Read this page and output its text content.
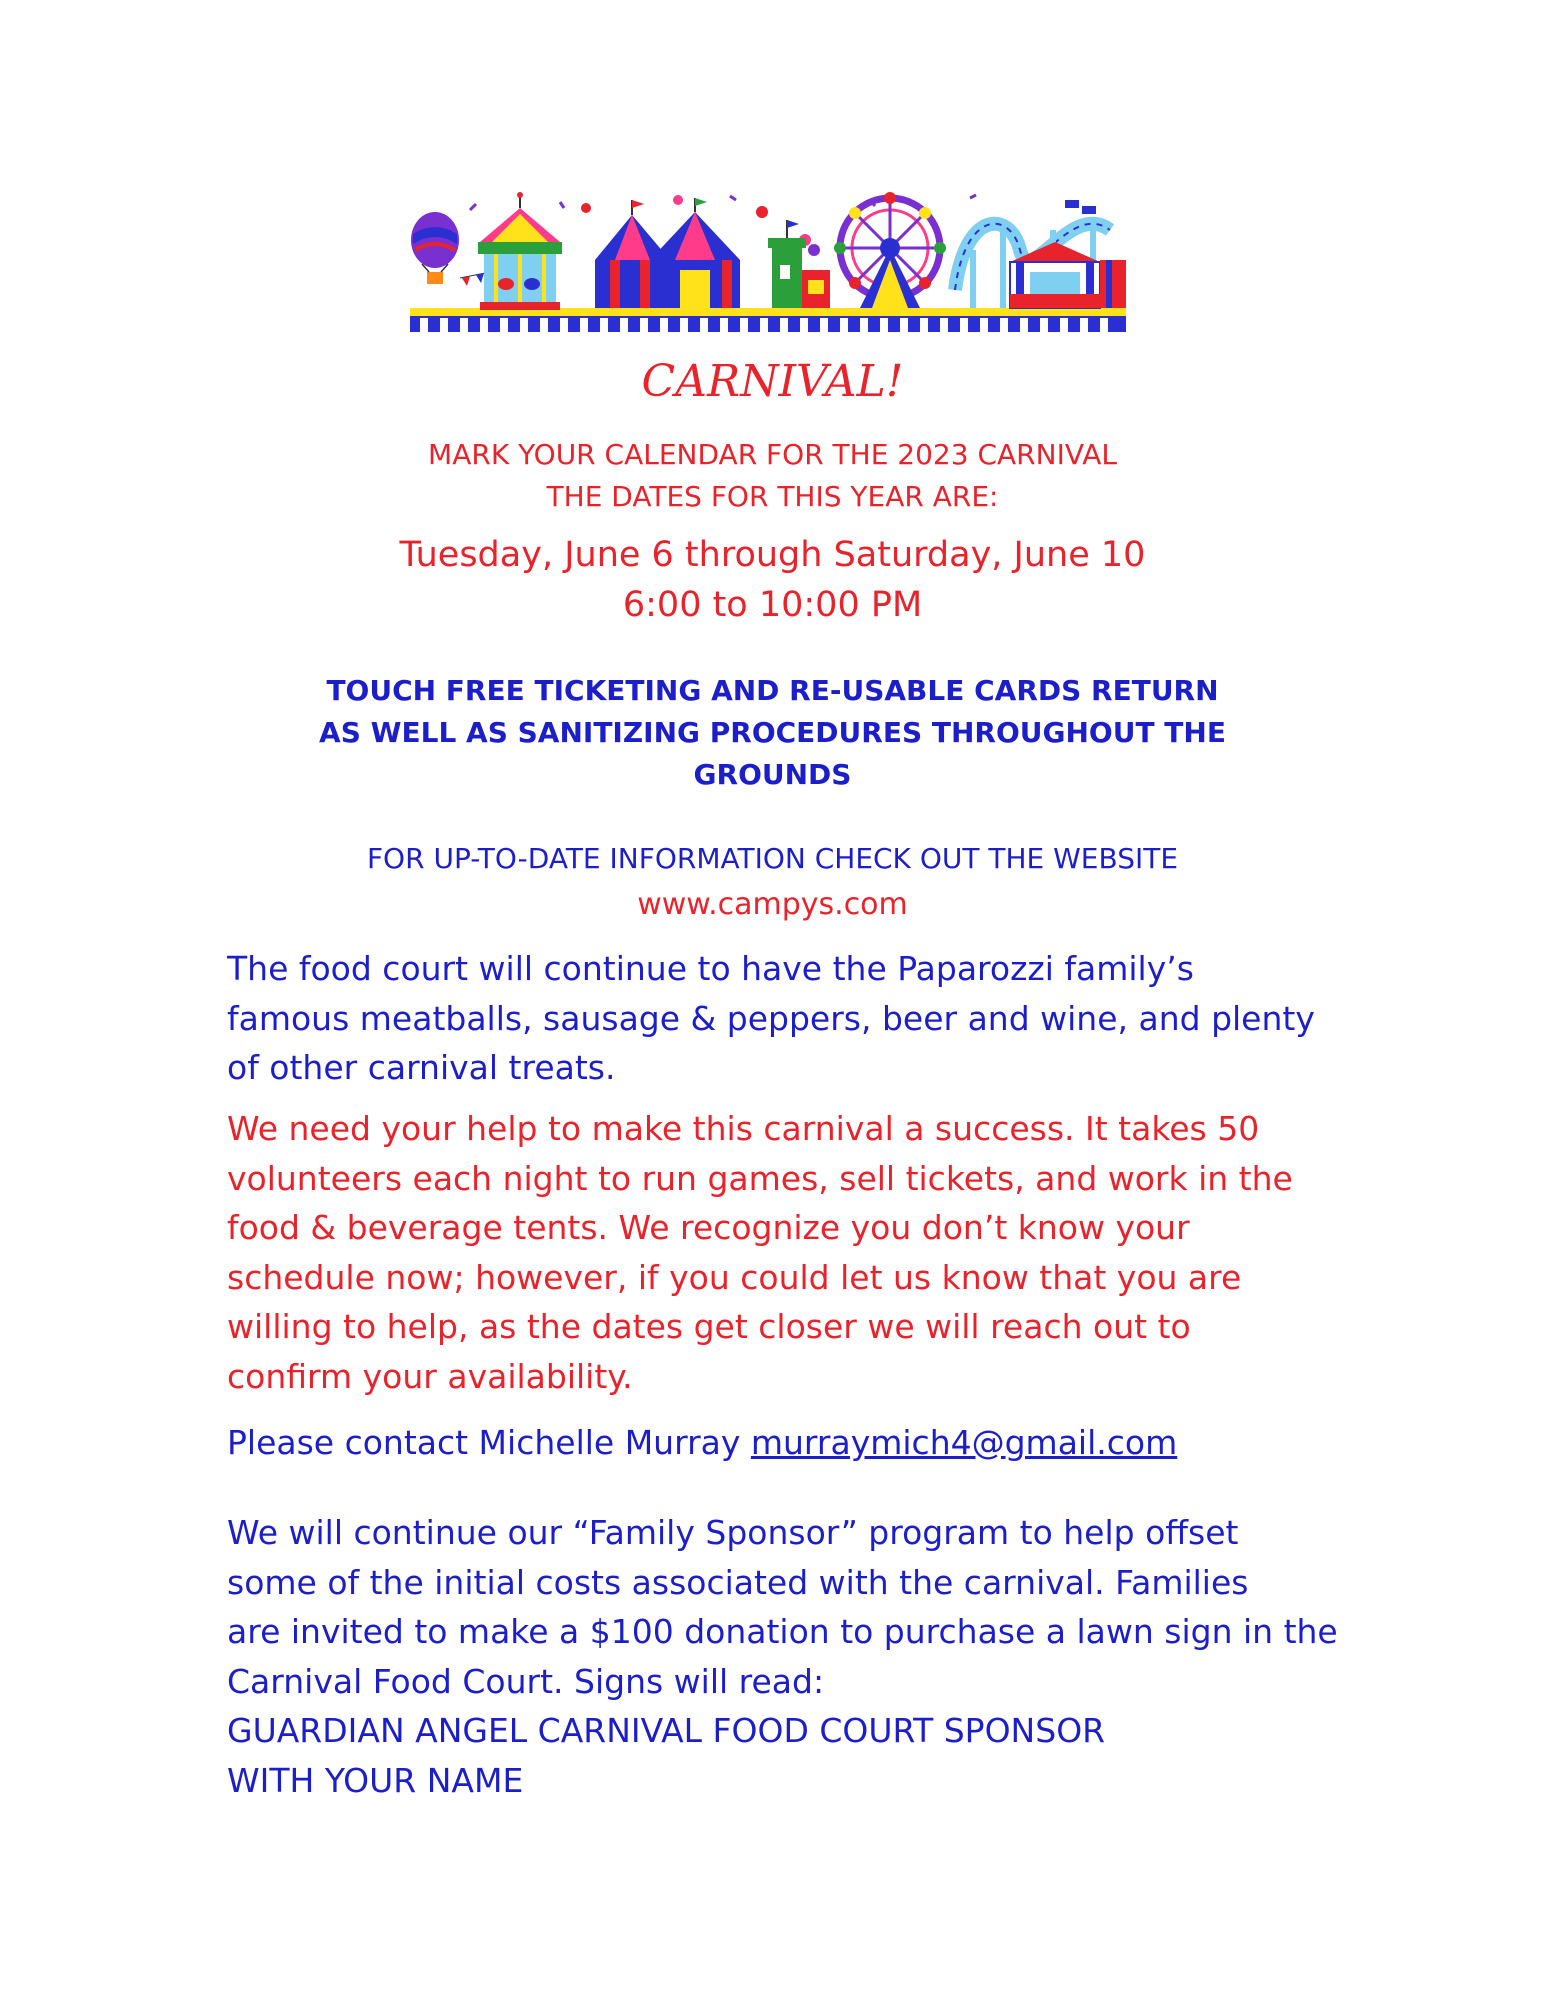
CARNIVAL!
MARK YOUR CALENDAR FOR THE 2023 CARNIVAL
THE DATES FOR THIS YEAR ARE:
Tuesday, June 6 through Saturday, June 10
6:00 to 10:00 PM
TOUCH FREE TICKETING AND RE-USABLE CARDS RETURN
AS WELL AS SANITIZING PROCEDURES THROUGHOUT THE
GROUNDS
FOR UP-TO-DATE INFORMATION CHECK OUT THE WEBSITE
www.campys.com
The food court will continue to have the Paparozzi family’s
famous meatballs, sausage & peppers, beer and wine, and plenty
of other carnival treats.
We need your help to make this carnival a success. It takes 50
volunteers each night to run games, sell tickets, and work in the
food & beverage tents. We recognize you don’t know your
schedule now; however, if you could let us know that you are
willing to help, as the dates get closer we will reach out to
confirm your availability.
Please contact Michelle Murray murraymich4@gmail.com
We will continue our “Family Sponsor” program to help offset
some of the initial costs associated with the carnival. Families
are invited to make a $100 donation to purchase a lawn sign in the
Carnival Food Court. Signs will read:
GUARDIAN ANGEL CARNIVAL FOOD COURT SPONSOR
WITH YOUR NAME
